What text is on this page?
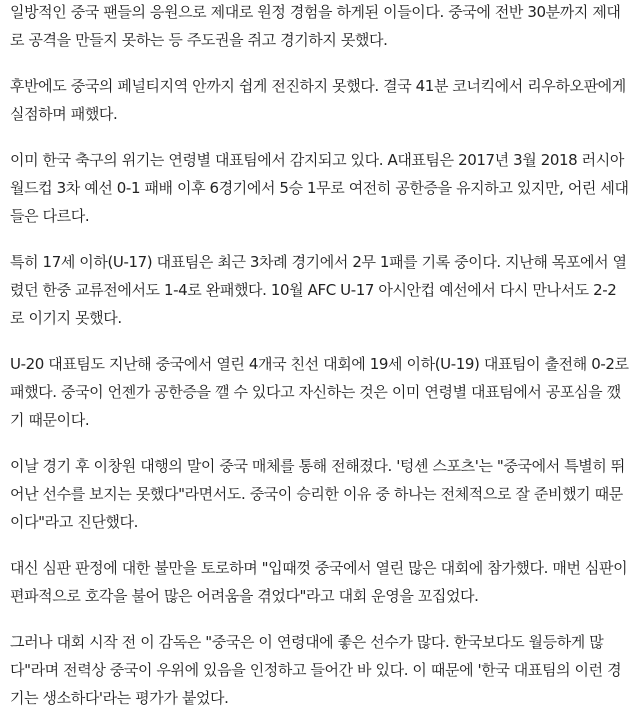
일방적인 중국 팬들의 응원으로 제대로 원정 경험을 하게된 이들이다. 중국에 전반 30분까지 제대로 공격을 만들지 못하는 등 주도권을 쥐고 경기하지 못했다.

후반에도 중국의 페널티지역 안까지 쉽게 전진하지 못했다. 결국 41분 코너킥에서 리우하오판에게 실점하며 패했다.

이미 한국 축구의 위기는 연령별 대표팀에서 감지되고 있다. A대표팀은 2017년 3월 2018 러시아 월드컵 3차 예선 0-1 패배 이후 6경기에서 5승 1무로 여전히 공한증을 유지하고 있지만, 어린 세대들은 다르다.

특히 17세 이하(U-17) 대표팀은 최근 3차례 경기에서 2무 1패를 기록 중이다. 지난해 목포에서 열렸던 한중 교류전에서도 1-4로 완패했다. 10월 AFC U-17 아시안컵 예선에서 다시 만나서도 2-2로 이기지 못했다.

U-20 대표팀도 지난해 중국에서 열린 4개국 친선 대회에 19세 이하(U-19) 대표팀이 출전해 0-2로 패했다. 중국이 언젠가 공한증을 깰 수 있다고 자신하는 것은 이미 연령별 대표팀에서 공포심을 깼기 때문이다.

이날 경기 후 이창원 대행의 말이 중국 매체를 통해 전해졌다. '텅셴 스포츠'는 "중국에서 특별히 뛰어난 선수를 보지는 못했다"라면서도. 중국이 승리한 이유 중 하나는 전체적으로 잘 준비했기 때문이다"라고 진단했다.

대신 심판 판정에 대한 불만을 토로하며 "입때껏 중국에서 열린 많은 대회에 참가했다. 매번 심판이 편파적으로 호각을 불어 많은 어려움을 겪었다"라고 대회 운영을 꼬집었다.

그러나 대회 시작 전 이 감독은 "중국은 이 연령대에 좋은 선수가 많다. 한국보다도 월등하게 많다"라며 전력상 중국이 우위에 있음을 인정하고 들어간 바 있다. 이 때문에 '한국 대표팀의 이런 경기는 생소하다'라는 평가가 붙었다.
